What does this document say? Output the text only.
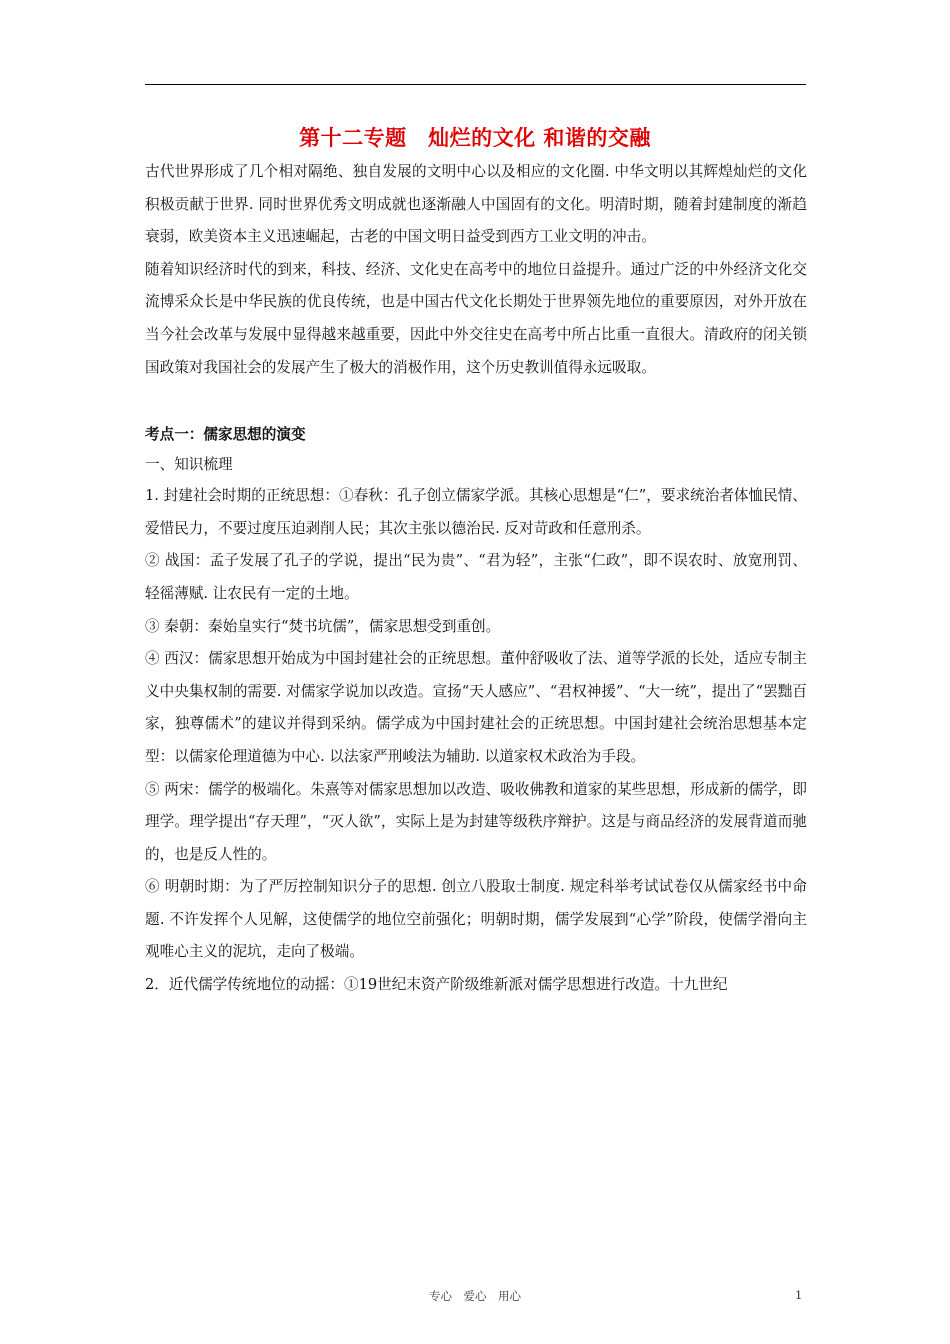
第十二专题　灿烂的文化 和谐的交融

古代世界形成了几个相对隔绝、独自发展的文明中心以及相应的文化圈. 中华文明以其辉煌灿烂的文化积极贡献于世界. 同时世界优秀文明成就也逐渐融人中国固有的文化。明清时期，随着封建制度的渐趋衰弱，欧美资本主义迅速崛起，古老的中国文明日益受到西方工业文明的冲击。

随着知识经济时代的到来，科技、经济、文化史在高考中的地位日益提升。通过广泛的中外经济文化交流博采众长是中华民族的优良传统，也是中国古代文化长期处于世界领先地位的重要原因，对外开放在当今社会改革与发展中显得越来越重要，因此中外交往史在高考中所占比重一直很大。清政府的闭关锁国政策对我国社会的发展产生了极大的消极作用，这个历史教训值得永远吸取。

考点一：儒家思想的演变

一、知识梳理

1. 封建社会时期的正统思想：①春秋：孔子创立儒家学派。其核心思想是“仁”，要求统治者体恤民情、爱惜民力，不要过度压迫剥削人民；其次主张以德治民. 反对苛政和任意刑杀。

② 战国：孟子发展了孔子的学说，提出“民为贵”、“君为轻”，主张“仁政”，即不误农时、放宽刑罚、轻徭薄赋. 让农民有一定的土地。

③ 秦朝：秦始皇实行“焚书坑儒”，儒家思想受到重创。

④ 西汉：儒家思想开始成为中国封建社会的正统思想。董仲舒吸收了法、道等学派的长处，适应专制主义中央集权制的需要. 对儒家学说加以改造。宣扬“天人感应”、“君权神援”、“大一统”，提出了“罢黜百家，独尊儒术”的建议并得到采纳。儒学成为中国封建社会的正统思想。中国封建社会统治思想基本定型：以儒家伦理道德为中心. 以法家严刑峻法为辅助. 以道家权术政治为手段。

⑤ 两宋：儒学的极端化。朱熹等对儒家思想加以改造、吸收佛教和道家的某些思想，形成新的儒学，即理学。理学提出“存天理”，“灭人欲”，实际上是为封建等级秩序辩护。这是与商品经济的发展背道而驰的，也是反人性的。

⑥ 明朝时期：为了严厉控制知识分子的思想. 创立八股取士制度. 规定科举考试试卷仅从儒家经书中命题. 不许发挥个人见解，这使儒学的地位空前强化；明朝时期，儒学发展到“心学”阶段，使儒学滑向主观唯心主义的泥坑，走向了极端。

2．近代儒学传统地位的动摇：①19世纪末资产阶级维新派对儒学思想进行改造。十九世纪

专心　爱心　用心	1
